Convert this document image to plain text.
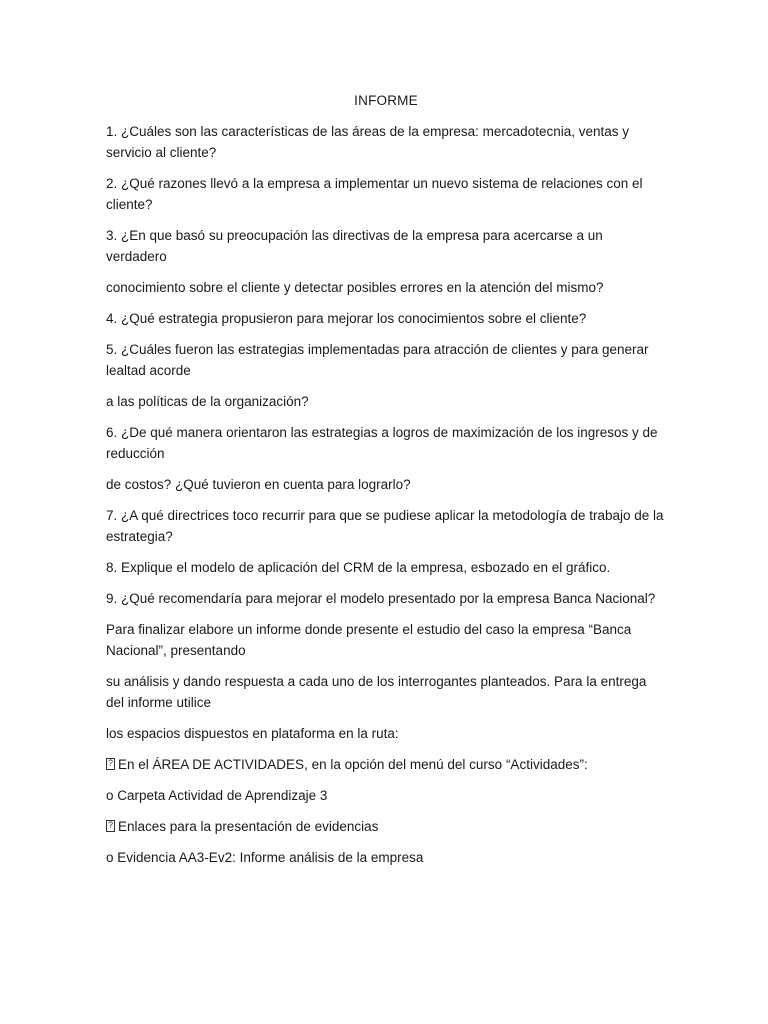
INFORME
1. ¿Cuáles son las características de las áreas de la empresa: mercadotecnia, ventas y servicio al cliente?
2. ¿Qué razones llevó a la empresa a implementar un nuevo sistema de relaciones con el cliente?
3. ¿En que basó su preocupación las directivas de la empresa para acercarse a un verdadero
conocimiento sobre el cliente y detectar posibles errores en la atención del mismo?
4. ¿Qué estrategia propusieron para mejorar los conocimientos sobre el cliente?
5. ¿Cuáles fueron las estrategias implementadas para atracción de clientes y para generar lealtad acorde
a las políticas de la organización?
6. ¿De qué manera orientaron las estrategias a logros de maximización de los ingresos y de reducción
de costos? ¿Qué tuvieron en cuenta para lograrlo?
7. ¿A qué directrices toco recurrir para que se pudiese aplicar la metodología de trabajo de la estrategia?
8. Explique el modelo de aplicación del CRM de la empresa, esbozado en el gráfico.
9. ¿Qué recomendaría para mejorar el modelo presentado por la empresa Banca Nacional?
Para finalizar elabore un informe donde presente el estudio del caso la empresa “Banca Nacional”, presentando
su análisis y dando respuesta a cada uno de los interrogantes planteados. Para la entrega del informe utilice
los espacios dispuestos en plataforma en la ruta:
?En el ÁREA DE ACTIVIDADES, en la opción del menú del curso “Actividades”:
o Carpeta Actividad de Aprendizaje 3
?Enlaces para la presentación de evidencias
o Evidencia AA3-Ev2: Informe análisis de la empresa
